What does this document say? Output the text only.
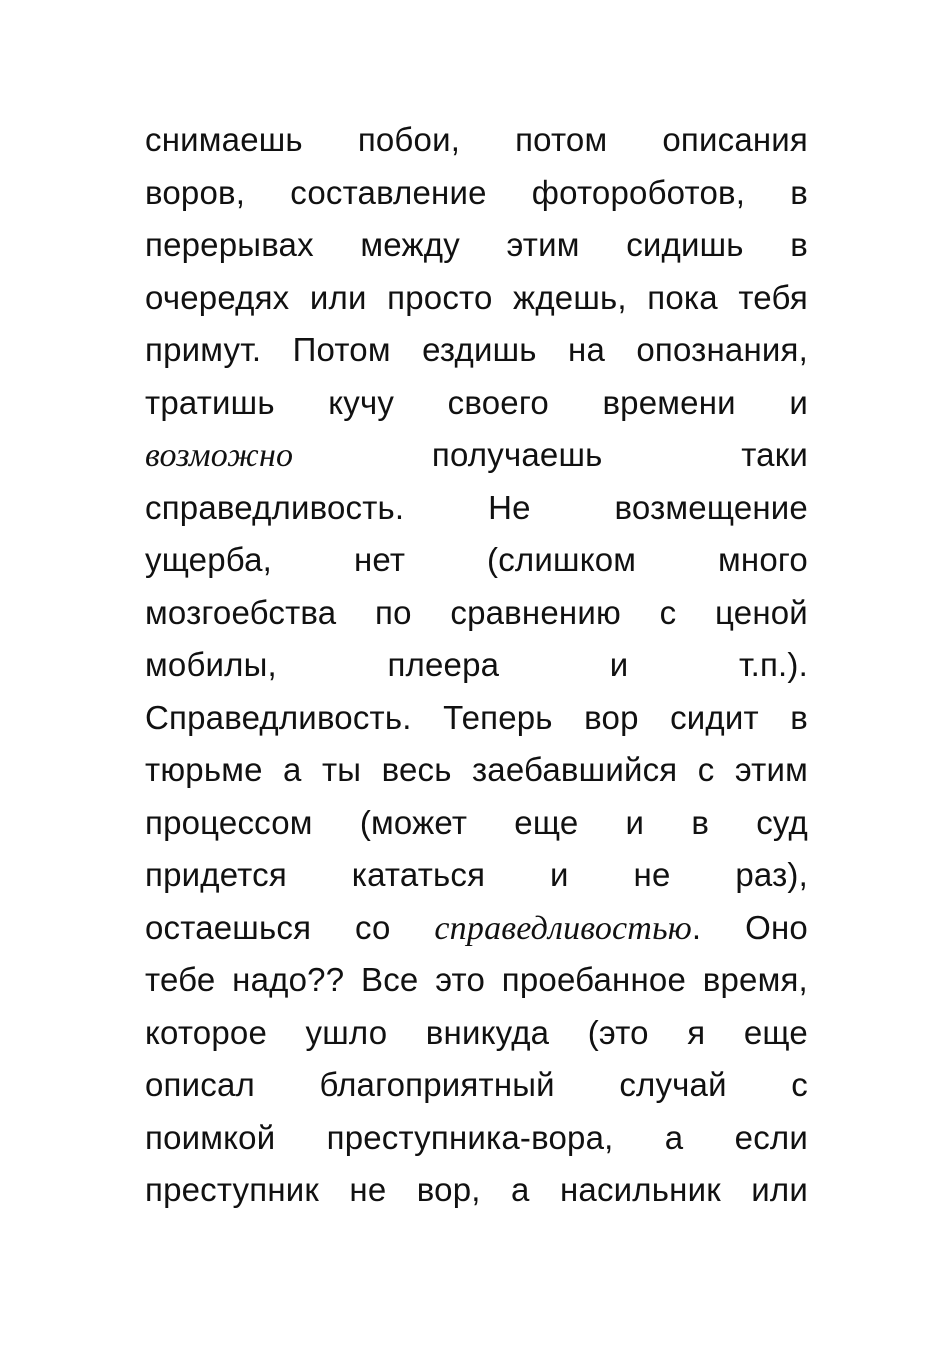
снимаешь побои, потом описания
воров, составление фотороботов, в
перерывах между этим сидишь в
очередях или просто ждешь, пока тебя
примут. Потом ездишь на опознания,
тратишь кучу своего времени и
возможно	получаешь	таки
справедливость.	Не	возмещение
ущерба, нет (слишком много
мозгоебства по сравнению с ценой
мобилы,	плеера	и	т.п.).
Справедливость. Теперь вор сидит в
тюрьме а ты весь заебавшийся с этим
процессом (может еще и в суд
придется кататься и не раз),
остаешься со справедливостью. Оно
тебе надо?? Все это проебанное время,
которое ушло вникуда (это я еще
описал благоприятный случай с
поимкой преступника-вора, а если
преступник не вор, а насильник или
